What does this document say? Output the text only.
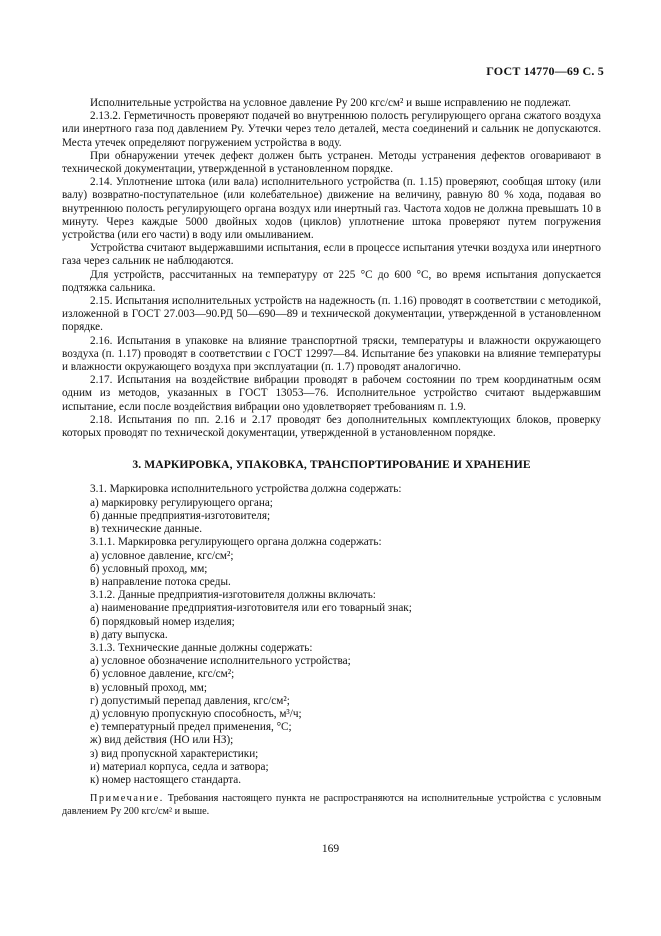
ГОСТ 14770—69 С. 5

Исполнительные устройства на условное давление Pу 200 кгс/см² и выше исправлению не подлежат.

2.13.2. Герметичность проверяют подачей во внутреннюю полость регулирующего органа сжатого воздуха или инертного газа под давлением Pу. Утечки через тело деталей, места соединений и сальник не допускаются. Места утечек определяют погружением устройства в воду.

При обнаружении утечек дефект должен быть устранен. Методы устранения дефектов оговаривают в технической документации, утвержденной в установленном порядке.

2.14. Уплотнение штока (или вала) исполнительного устройства (п. 1.15) проверяют, сообщая штоку (или валу) возвратно-поступательное (или колебательное) движение на величину, равную 80 % хода, подавая во внутреннюю полость регулирующего органа воздух или инертный газ. Частота ходов не должна превышать 10 в минуту. Через каждые 5000 двойных ходов (циклов) уплотнение штока проверяют путем погружения устройства (или его части) в воду или омыливанием.

Устройства считают выдержавшими испытания, если в процессе испытания утечки воздуха или инертного газа через сальник не наблюдаются.

Для устройств, рассчитанных на температуру от 225 °С до 600 °С, во время испытания допускается подтяжка сальника.

2.15. Испытания исполнительных устройств на надежность (п. 1.16) проводят в соответствии с методикой, изложенной в ГОСТ 27.003—90.РД 50—690—89 и технической документации, утвержденной в установленном порядке.

2.16. Испытания в упаковке на влияние транспортной тряски, температуры и влажности окружающего воздуха (п. 1.17) проводят в соответствии с ГОСТ 12997—84. Испытание без упаковки на влияние температуры и влажности окружающего воздуха при эксплуатации (п. 1.7) проводят аналогично.

2.17. Испытания на воздействие вибрации проводят в рабочем состоянии по трем координатным осям одним из методов, указанных в ГОСТ 13053—76. Исполнительное устройство считают выдержавшим испытание, если после воздействия вибрации оно удовлетворяет требованиям п. 1.9.

2.18. Испытания по пп. 2.16 и 2.17 проводят без дополнительных комплектующих блоков, проверку которых проводят по технической документации, утвержденной в установленном порядке.

3. МАРКИРОВКА, УПАКОВКА, ТРАНСПОРТИРОВАНИЕ И ХРАНЕНИЕ

3.1. Маркировка исполнительного устройства должна содержать:

а) маркировку регулирующего органа;

б) данные предприятия-изготовителя;

в) технические данные.

3.1.1. Маркировка регулирующего органа должна содержать:

а) условное давление, кгс/см²;

б) условный проход, мм;

в) направление потока среды.

3.1.2. Данные предприятия-изготовителя должны включать:

а) наименование предприятия-изготовителя или его товарный знак;

б) порядковый номер изделия;

в) дату выпуска.

3.1.3. Технические данные должны содержать:

а) условное обозначение исполнительного устройства;

б) условное давление, кгс/см²;

в) условный проход, мм;

г) допустимый перепад давления, кгс/см²;

д) условную пропускную способность, м³/ч;

е) температурный предел применения, °С;

ж) вид действия (НО или НЗ);

з) вид пропускной характеристики;

и) материал корпуса, седла и затвора;

к) номер настоящего стандарта.

Примечание. Требования настоящего пункта не распространяются на исполнительные устройства с условным давлением Pу 200 кгс/см² и выше.

169
